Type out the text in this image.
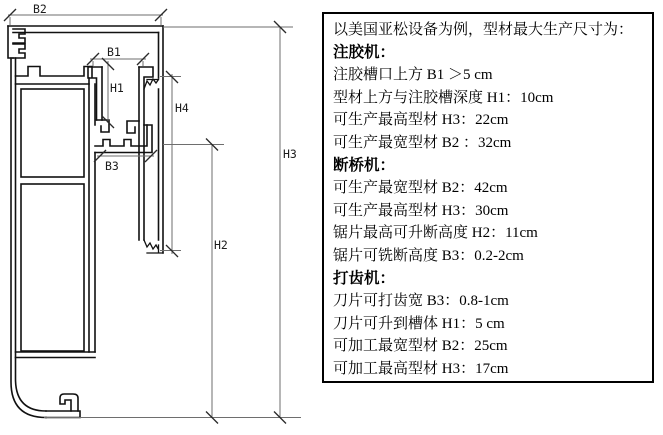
B2
B1
H1
B3
H4
H2
H3
以美国亚松设备为例，型材最大生产尺寸为：
注胶机：
注胶槽口上方 B1 ＞5 cm
型材上方与注胶槽深度 H1：10cm
可生产最高型材 H3：22cm
可生产最宽型材 B2 ：32cm
断桥机：
可生产最宽型材 B2：42cm
可生产最高型材 H3：30cm
锯片最高可升断高度 H2：11cm
锯片可铣断高度 B3：0.2-2cm
打齿机：
刀片可打齿宽 B3：0.8-1cm
刀片可升到槽体 H1：5 cm
可加工最宽型材 B2：25cm
可加工最高型材 H3：17cm
